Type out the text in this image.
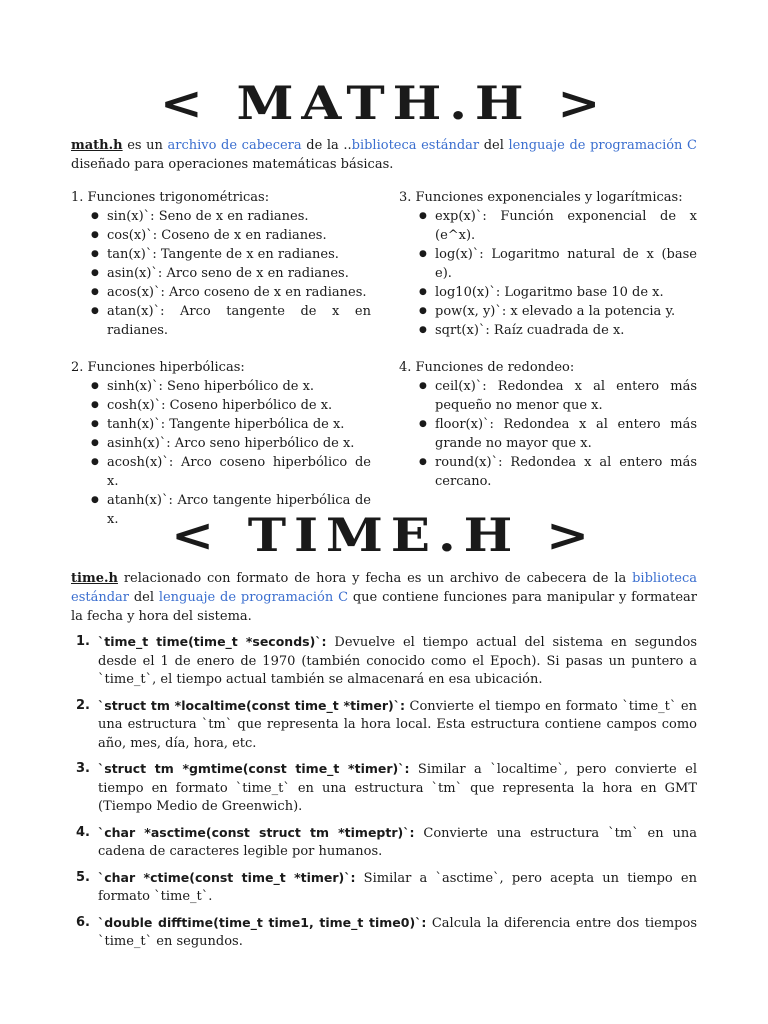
< MATH.H >
math.h es un archivo de cabecera de la ..biblioteca estándar del lenguaje de programación C diseñado para operaciones matemáticas básicas.

1. Funciones trigonométricas:

● sin(x)`: Seno de x en radianes.
● cos(x)`: Coseno de x en radianes.
● tan(x)`: Tangente de x en radianes.
● asin(x)`: Arco seno de x en radianes.
● acos(x)`: Arco coseno de x en radianes.
● atan(x)`: Arco tangente de x en radianes.

2. Funciones hiperbólicas:

● sinh(x)`: Seno hiperbólico de x.
● cosh(x)`: Coseno hiperbólico de x.
● tanh(x)`: Tangente hiperbólica de x.
● asinh(x)`: Arco seno hiperbólico de x.
● acosh(x)`: Arco coseno hiperbólico de x.
● atanh(x)`: Arco tangente hiperbólica de x.

3. Funciones exponenciales y logarítmicas:

● exp(x)`: Función exponencial de x (e^x).
● log(x)`: Logaritmo natural de x (base e).
● log10(x)`: Logaritmo base 10 de x.
● pow(x, y)`: x elevado a la potencia y.
● sqrt(x)`: Raíz cuadrada de x.

4. Funciones de redondeo:

● ceil(x)`: Redondea x al entero más pequeño no menor que x.
● floor(x)`: Redondea x al entero más grande no mayor que x.
● round(x)`: Redondea x al entero más cercano.
< TIME.H >
time.h relacionado con formato de hora y fecha es un archivo de cabecera de la biblioteca estándar del lenguaje de programación C que contiene funciones para manipular y formatear la fecha y hora del sistema.
1. `time_t time(time_t *seconds)`: Devuelve el tiempo actual del sistema en segundos desde el 1 de enero de 1970 (también conocido como el Epoch). Si pasas un puntero a `time_t`, el tiempo actual también se almacenará en esa ubicación.
2. `struct tm *localtime(const time_t *timer)`: Convierte el tiempo en formato `time_t` en una estructura `tm` que representa la hora local. Esta estructura contiene campos como año, mes, día, hora, etc.
3. `struct tm *gmtime(const time_t *timer)`: Similar a `localtime`, pero convierte el tiempo en formato `time_t` en una estructura `tm` que representa la hora en GMT (Tiempo Medio de Greenwich).
4. `char *asctime(const struct tm *timeptr)`: Convierte una estructura `tm` en una cadena de caracteres legible por humanos.
5. `char *ctime(const time_t *timer)`: Similar a `asctime`, pero acepta un tiempo en formato `time_t`.
6. `double difftime(time_t time1, time_t time0)`: Calcula la diferencia entre dos tiempos `time_t` en segundos.
